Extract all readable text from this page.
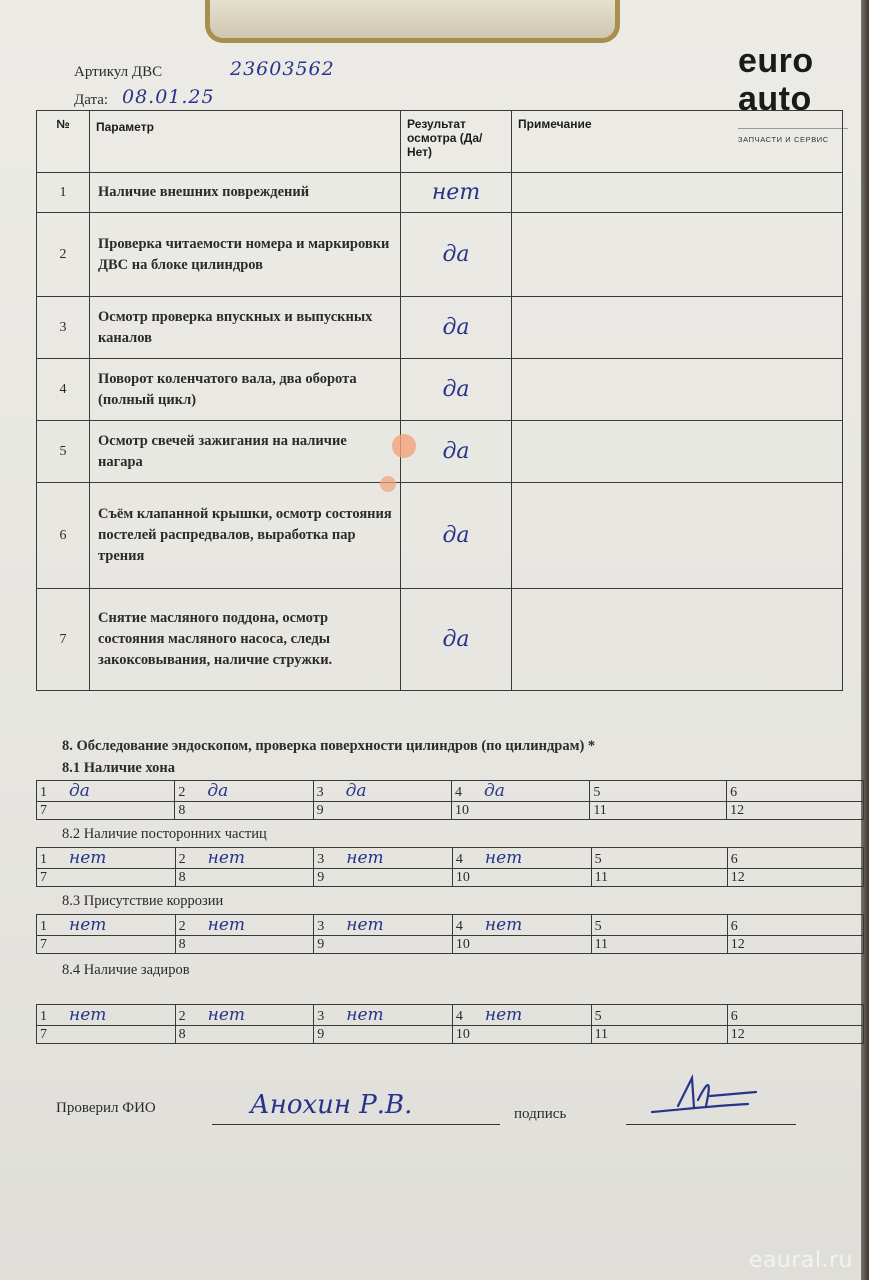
Артикул ДВС	23603562
Дата: 08.01.25
euro
auto
ЗАПЧАСТИ И СЕРВИС
№	Параметр	Результат осмотра (Да/Нет)	Примечание
1	Наличие внешних повреждений	нет	
2	Проверка читаемости номера и маркировки ДВС на блоке цилиндров	да	
3	Осмотр проверка впускных и выпускных каналов	да	
4	Поворот коленчатого вала, два оборота (полный цикл)	да	
5	Осмотр свечей зажигания на наличие нагара	да	
6	Съём клапанной крышки, осмотр состояния постелей распредвалов, выработка пар трения	да	
7	Снятие масляного поддона, осмотр состояния масляного насоса, следы закоксовывания, наличие стружки.	да	
8. Обследование эндоскопом, проверка поверхности цилиндров (по цилиндрам) *
8.1 Наличие хона
1 да	2 да	3 да	4 да	5	6
7	8	9	10	11	12
8.2 Наличие посторонних частиц
1 нет	2 нет	3 нет	4 нет	5	6
7	8	9	10	11	12
8.3 Присутствие коррозии
1 нет	2 нет	3 нет	4 нет	5	6
7	8	9	10	11	12
8.4 Наличие задиров
1 нет	2 нет	3 нет	4 нет	5	6
7	8	9	10	11	12
Проверил ФИО	Анохин Р.В.	подпись
eaural.ru
